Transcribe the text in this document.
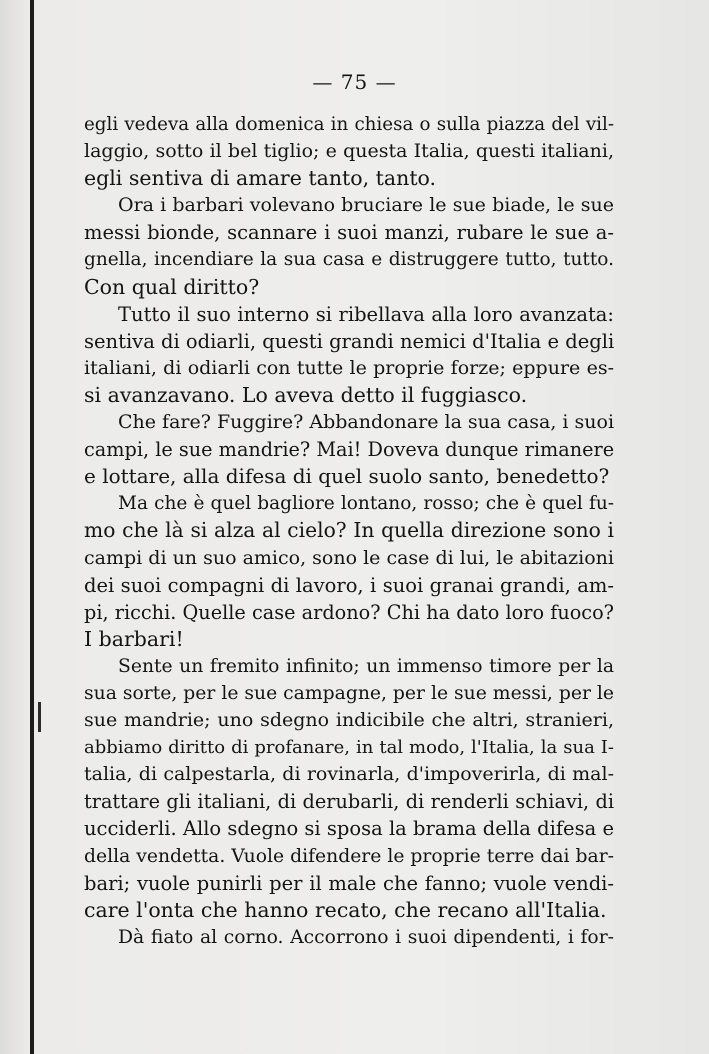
— 75 —
egli vedeva alla domenica in chiesa o sulla piazza del vil-
laggio, sotto il bel tiglio; e questa Italia, questi italiani,
egli sentiva di amare tanto, tanto.
Ora i barbari volevano bruciare le sue biade, le sue
messi bionde, scannare i suoi manzi, rubare le sue a-
gnella, incendiare la sua casa e distruggere tutto, tutto.
Con qual diritto?
Tutto il suo interno si ribellava alla loro avanzata:
sentiva di odiarli, questi grandi nemici d'Italia e degli
italiani, di odiarli con tutte le proprie forze; eppure es-
si avanzavano. Lo aveva detto il fuggiasco.
Che fare? Fuggire? Abbandonare la sua casa, i suoi
campi, le sue mandrie? Mai! Doveva dunque rimanere
e lottare, alla difesa di quel suolo santo, benedetto?
Ma che è quel bagliore lontano, rosso; che è quel fu-
mo che là si alza al cielo? In quella direzione sono i
campi di un suo amico, sono le case di lui, le abitazioni
dei suoi compagni di lavoro, i suoi granai grandi, am-
pi, ricchi. Quelle case ardono? Chi ha dato loro fuoco?
I barbari!
Sente un fremito infinito; un immenso timore per la
sua sorte, per le sue campagne, per le sue messi, per le
sue mandrie; uno sdegno indicibile che altri, stranieri,
abbiamo diritto di profanare, in tal modo, l'Italia, la sua I-
talia, di calpestarla, di rovinarla, d'impoverirla, di mal-
trattare gli italiani, di derubarli, di renderli schiavi, di
ucciderli. Allo sdegno si sposa la brama della difesa e
della vendetta. Vuole difendere le proprie terre dai bar-
bari; vuole punirli per il male che fanno; vuole vendi-
care l'onta che hanno recato, che recano all'Italia.
Dà fiato al corno. Accorrono i suoi dipendenti, i for-
